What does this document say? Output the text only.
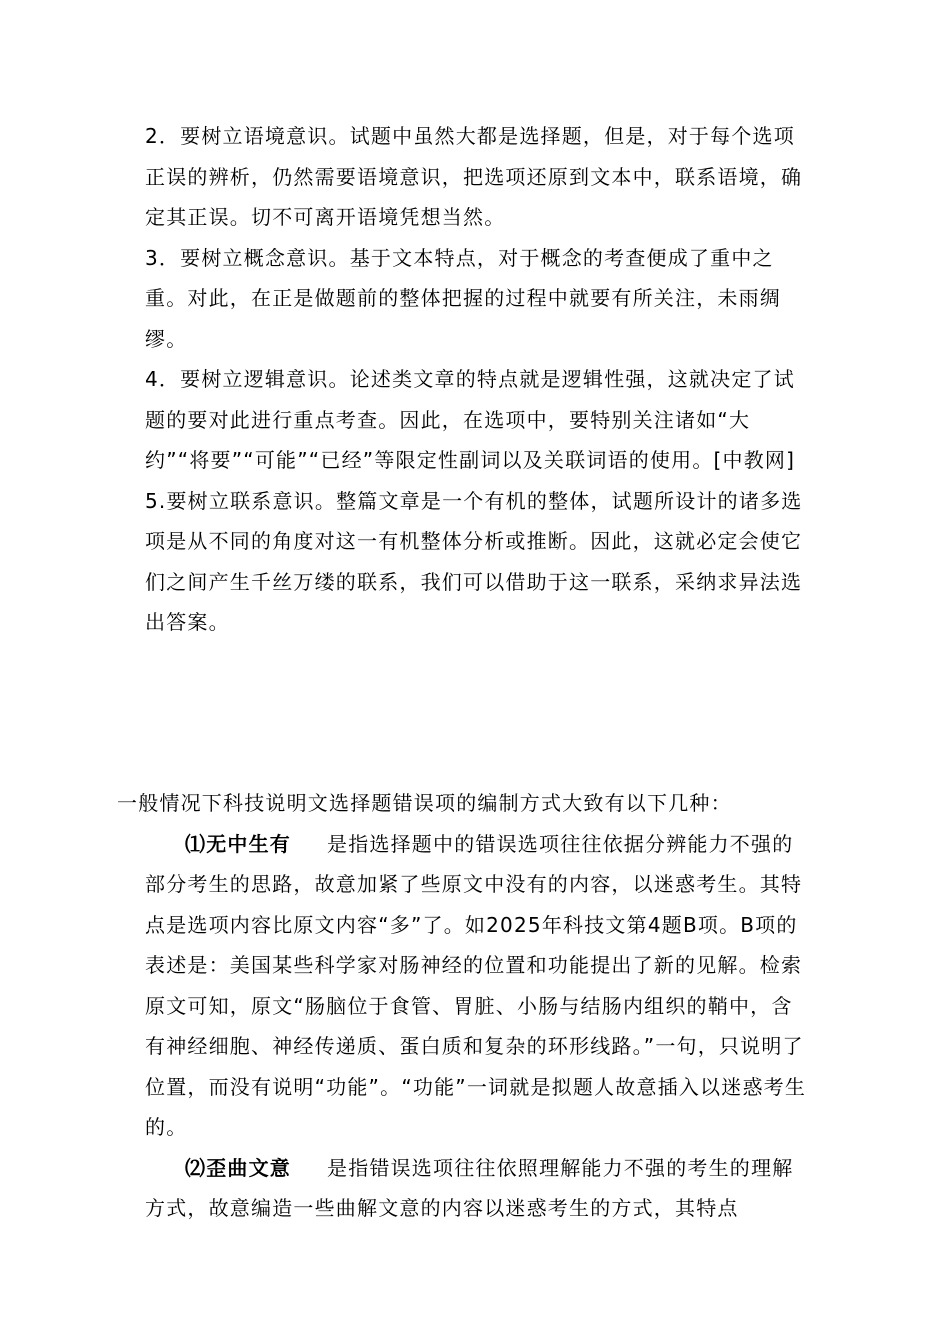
2．要树立语境意识。试题中虽然大都是选择题，但是，对于每个选项正误的辨析，仍然需要语境意识，把选项还原到文本中，联系语境，确定其正误。切不可离开语境凭想当然。

3．要树立概念意识。基于文本特点，对于概念的考查便成了重中之重。对此，在正是做题前的整体把握的过程中就要有所关注，未雨绸缪。

4．要树立逻辑意识。论述类文章的特点就是逻辑性强，这就决定了试题的要对此进行重点考查。因此，在选项中，要特别关注诸如“大约”“将要”“可能”“已经”等限定性副词以及关联词语的使用。[中教网]

5.要树立联系意识。整篇文章是一个有机的整体，试题所设计的诸多选项是从不同的角度对这一有机整体分析或推断。因此，这就必定会使它们之间产生千丝万缕的联系，我们可以借助于这一联系，采纳求异法选出答案。

一般情况下科技说明文选择题错误项的编制方式大致有以下几种：

⑴无中生有 是指选择题中的错误选项往往依据分辨能力不强的部分考生的思路，故意加紧了些原文中没有的内容，以迷惑考生。其特点是选项内容比原文内容“多”了。如2025年科技文第4题B项。B项的表述是：美国某些科学家对肠神经的位置和功能提出了新的见解。检索原文可知，原文“肠脑位于食管、胃脏、小肠与结肠内组织的鞘中，含有神经细胞、神经传递质、蛋白质和复杂的环形线路。”一句，只说明了位置，而没有说明“功能”。“功能”一词就是拟题人故意插入以迷惑考生的。

⑵歪曲文意 是指错误选项往往依照理解能力不强的考生的理解方式，故意编造一些曲解文意的内容以迷惑考生的方式，其特点
